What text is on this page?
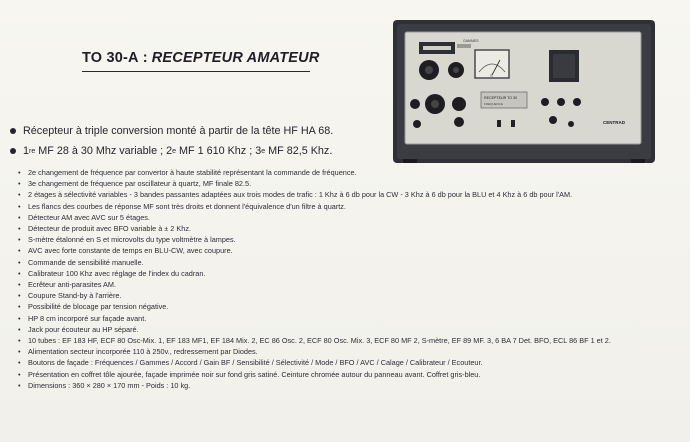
TO 30-A : RECEPTEUR AMATEUR
GAMMES
S
RECEPTEUR TO 30
FREQUENCE
CENTRAD
Récepteur à triple conversion monté à partir de la tête HF HA 68.
1 re
MF 28 à 30 Mhz variable ; 2 e
MF 1 610 Khz ; 3 e
MF 82,5 Khz.
• 2e changement de fréquence par convertor à haute stabilité représentant la commande de fréquence.
• 3e changement de fréquence par oscillateur à quartz, MF finale 82.5.
• 2 étages à sélectivité variables - 3 bandes passantes adaptées aux trois modes de trafic : 1 Khz à 6 db pour la CW - 3 Khz à 6 db pour la BLU et 4 Khz à 6 db pour l'AM.
• Les flancs des courbes de réponse MF sont très droits et donnent l'équivalence d'un filtre à quartz.
• Détecteur AM avec AVC sur 5 étages.
• Détecteur de produit avec BFO variable à ± 2 Khz.
• S-mètre étalonné en S et microvolts du type voltmètre à lampes.
• AVC avec forte constante de temps en BLU-CW, avec coupure.
• Commande de sensibilité manuelle.
• Calibrateur 100 Khz avec réglage de l'index du cadran.
• Ecrêteur anti-parasites AM.
• Coupure Stand-by à l'arrière.
• Possibilité de blocage par tension négative.
• HP 8 cm incorporé sur façade avant.
• Jack pour écouteur au HP séparé.
• 10 tubes : EF 183 HF, ECF 80 Osc-Mix. 1, EF 183 MF1, EF 184 Mix. 2, EC 86 Osc. 2, ECF 80 Osc. Mix. 3, ECF 80 MF 2, S-mètre, EF 89 MF. 3, 6 BA 7 Det. BFO, ECL 86 BF 1 et 2.
• Alimentation secteur incorporée 110 à 250v., redressement par Diodes.
• Boutons de façade : Fréquences / Gammes / Accord / Gain BF / Sensibilité / Sélectivité / Mode / BFO / AVC / Calage / Calibrateur / Ecouteur.
• Présentation en coffret tôle ajourée, façade imprimée noir sur fond gris satiné. Ceinture chromée autour du panneau avant. Coffret gris-bleu.
• Dimensions : 360 × 280 × 170 mm - Poids : 10 kg.
